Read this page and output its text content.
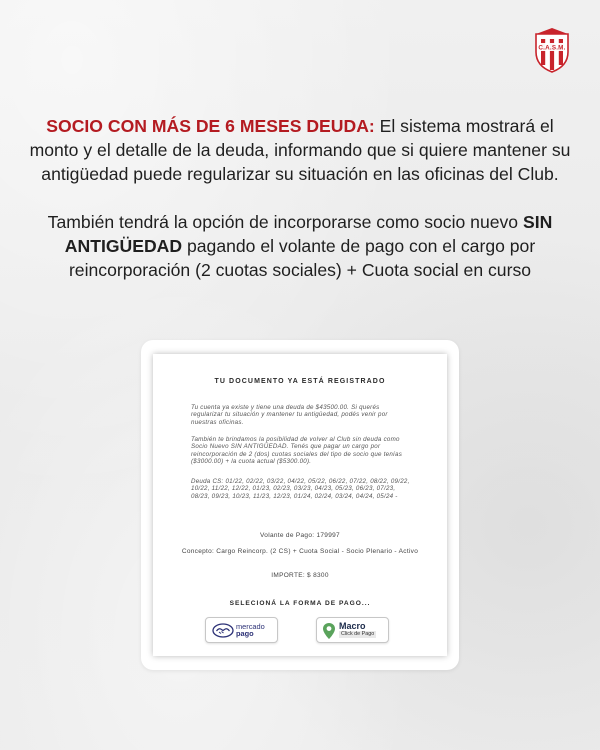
C.A.S.M.

SOCIO CON MÁS DE 6 MESES DEUDA: El sistema mostrará el monto y el detalle de la deuda, informando que si quiere mantener su antigüedad puede regularizar su situación en las oficinas del Club.

También tendrá la opción de incorporarse como socio nuevo SIN ANTIGÜEDAD pagando el volante de pago con el cargo por reincorporación (2 cuotas sociales) + Cuota social en curso

TU DOCUMENTO YA ESTÁ REGISTRADO

Tu cuenta ya existe y tiene una deuda de $43500.00. Si querés regularizar tu situación y mantener tu antigüedad, podés venir por nuestras oficinas.

También te brindamos la posibilidad de volver al Club sin deuda como Socio Nuevo SIN ANTIGÜEDAD. Tenés que pagar un cargo por reincorporación de 2 (dos) cuotas sociales del tipo de socio que tenías ($3000.00) + la cuota actual ($5300.00).

Deuda CS: 01/22, 02/22, 03/22, 04/22, 05/22, 06/22, 07/22, 08/22, 09/22, 10/22, 11/22, 12/22, 01/23, 02/23, 03/23, 04/23, 05/23, 06/23, 07/23, 08/23, 09/23, 10/23, 11/23, 12/23, 01/24, 02/24, 03/24, 04/24, 05/24 -

Volante de Pago: 179997

Concepto: Cargo Reincorp. (2 CS) + Cuota Social - Socio Plenario - Activo

IMPORTE: $ 8300

SELECIONÁ LA FORMA DE PAGO...
mercado
pago
Macro
Click de Pago
